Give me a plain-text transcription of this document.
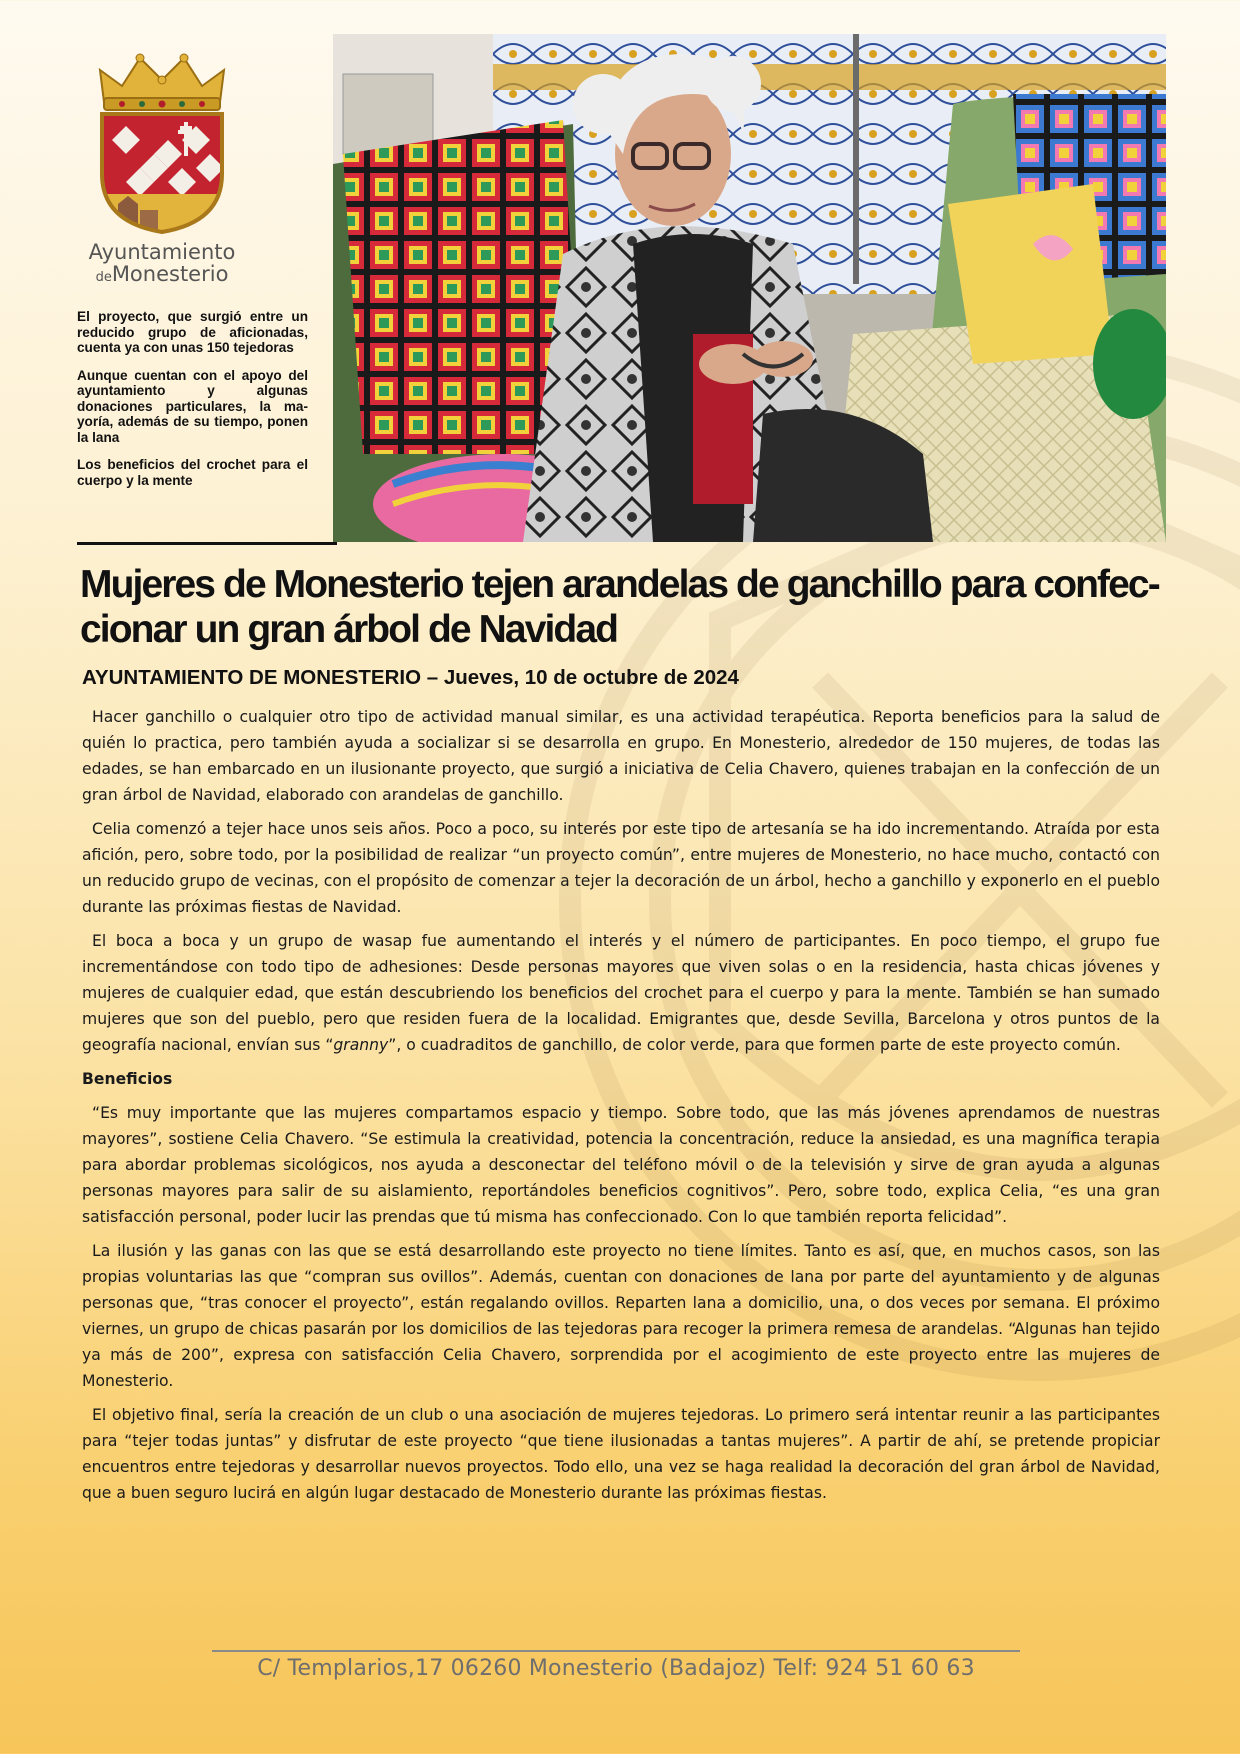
Ayuntamiento
deMonesterio

El proyecto, que surgió entre un reducido grupo de aficionadas, cuenta ya con unas 150 tejedoras

Aunque cuentan con el apoyo del ayuntamiento y algunas donaciones particulares, la mayoría, además de su tiempo, ponen la lana

Los beneficios del crochet para el cuerpo y la mente

Mujeres de Monesterio tejen arandelas de ganchillo para confeccionar un gran árbol de Navidad
AYUNTAMIENTO DE MONESTERIO – Jueves, 10 de octubre de 2024

Hacer ganchillo o cualquier otro tipo de actividad manual similar, es una actividad terapéutica. Reporta beneficios para la salud de quién lo practica, pero también ayuda a socializar si se desarrolla en grupo. En Monesterio, alrededor de 150 mujeres, de todas las edades, se han embarcado en un ilusionante proyecto, que surgió a iniciativa de Celia Chavero, quienes trabajan en la confección de un gran árbol de Navidad, elaborado con arandelas de ganchillo.

Celia comenzó a tejer hace unos seis años. Poco a poco, su interés por este tipo de artesanía se ha ido incrementando. Atraída por esta afición, pero, sobre todo, por la posibilidad de realizar “un proyecto común”, entre mujeres de Monesterio, no hace mucho, contactó con un reducido grupo de vecinas, con el propósito de comenzar a tejer la decoración de un árbol, hecho a ganchillo y exponerlo en el pueblo durante las próximas fiestas de Navidad.

El boca a boca y un grupo de wasap fue aumentando el interés y el número de participantes. En poco tiempo, el grupo fue incrementándose con todo tipo de adhesiones: Desde personas mayores que viven solas o en la residencia, hasta chicas jóvenes y mujeres de cualquier edad, que están descubriendo los beneficios del crochet para el cuerpo y para la mente. También se han sumado mujeres que son del pueblo, pero que residen fuera de la localidad. Emigrantes que, desde Sevilla, Barcelona y otros puntos de la geografía nacional, envían sus “granny”, o cuadraditos de ganchillo, de color verde, para que formen parte de este proyecto común.

Beneficios

“Es muy importante que las mujeres compartamos espacio y tiempo. Sobre todo, que las más jóvenes aprendamos de nuestras mayores”, sostiene Celia Chavero. “Se estimula la creatividad, potencia la concentración, reduce la ansiedad, es una magnífica terapia para abordar problemas sicológicos, nos ayuda a desconectar del teléfono móvil o de la televisión y sirve de gran ayuda a algunas personas mayores para salir de su aislamiento, reportándoles beneficios cognitivos”. Pero, sobre todo, explica Celia, “es una gran satisfacción personal, poder lucir las prendas que tú misma has confeccionado. Con lo que también reporta felicidad”.

La ilusión y las ganas con las que se está desarrollando este proyecto no tiene límites. Tanto es así, que, en muchos casos, son las propias voluntarias las que “compran sus ovillos”. Además, cuentan con donaciones de lana por parte del ayuntamiento y de algunas personas que, “tras conocer el proyecto”, están regalando ovillos. Reparten lana a domicilio, una, o dos veces por semana. El próximo viernes, un grupo de chicas pasarán por los domicilios de las tejedoras para recoger la primera remesa de arandelas. “Algunas han tejido ya más de 200”, expresa con satisfacción Celia Chavero, sorprendida por el acogimiento de este proyecto entre las mujeres de Monesterio.

El objetivo final, sería la creación de un club o una asociación de mujeres tejedoras. Lo primero será intentar reunir a las participantes para “tejer todas juntas” y disfrutar de este proyecto “que tiene ilusionadas a tantas mujeres”. A partir de ahí, se pretende propiciar encuentros entre tejedoras y desarrollar nuevos proyectos. Todo ello, una vez se haga realidad la decoración del gran árbol de Navidad, que a buen seguro lucirá en algún lugar destacado de Monesterio durante las próximas fiestas.

C/ Templarios,17 06260 Monesterio (Badajoz) Telf: 924 51 60 63
